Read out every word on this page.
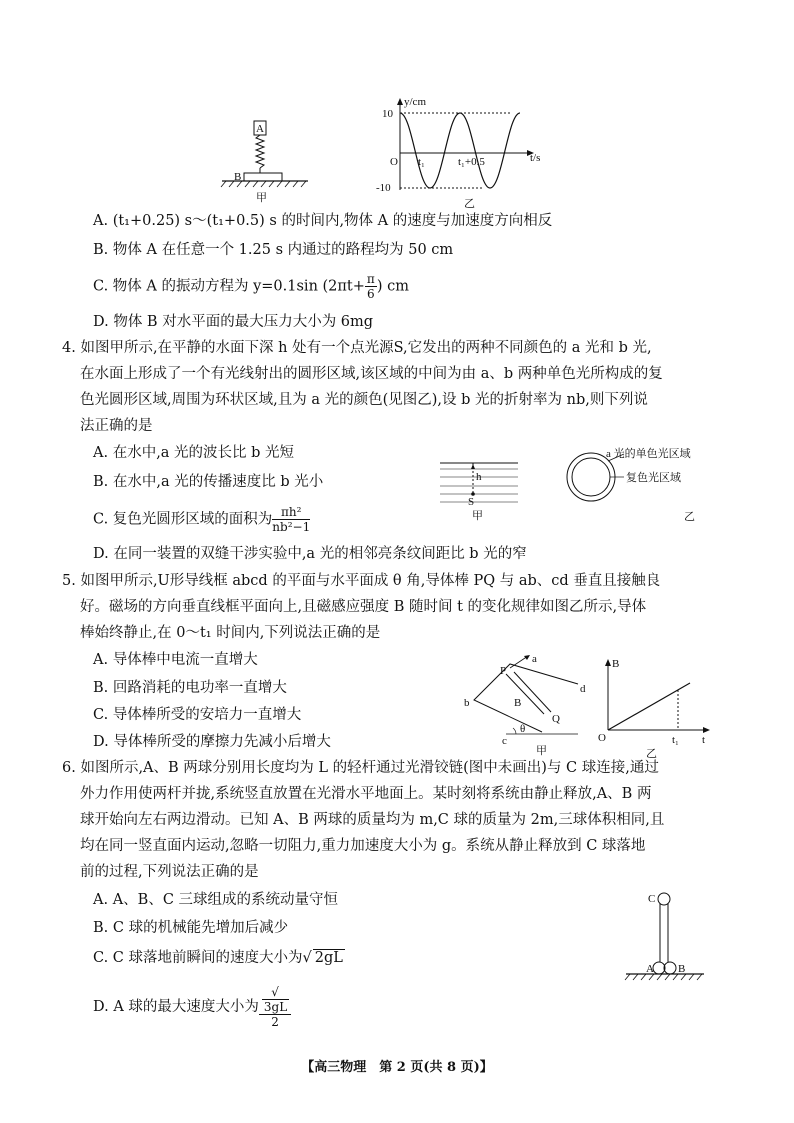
A
B
甲
y/cm
t/s
10
-10
O t₁	t₁+0.5
乙
A. (t₁+0.25) s～(t₁+0.5) s 的时间内,物体 A 的速度与加速度方向相反
B. 物体 A 在任意一个 1.25 s 内通过的路程均为 50 cm
C. 物体 A 的振动方程为 y=0.1sin ($2\pi t+ \frac{\pi}{6}$ ) cm
D. 物体 B 对水平面的最大压力大小为 6mg
4. 如图甲所示,在平静的水面下深 h 处有一个点光源S,它发出的两种不同颜色的 a 光和 b 光,
在水面上形成了一个有光线射出的圆形区域,该区域的中间为由 a、b 两种单色光所构成的复
色光圆形区域,周围为环状区域,且为 a 光的颜色(见图乙),设 b 光的折射率为 nb,则下列说
法正确的是
A. 在水中,a 光的波长比 b 光短
B. 在水中,a 光的传播速度比 b 光小
C. 复色光圆形区域的面积为 $\frac{\text{πh²}}{\text{nb²−1}}$
D. 在同一装置的双缝干涉实验中,a 光的相邻亮条纹间距比 b 光的窄
h
S
甲
a 光的单色光区域
复色光区域
乙
5. 如图甲所示,U形导线框 abcd 的平面与水平面成 θ 角,导体棒 PQ 与 ab、cd 垂直且接触良
好。磁场的方向垂直线框平面向上,且磁感应强度 B 随时间 t 的变化规律如图乙所示,导体
棒始终静止,在 0～t₁ 时间内,下列说法正确的是
A. 导体棒中电流一直增大
B. 回路消耗的电功率一直增大
C. 导体棒所受的安培力一直增大
D. 导体棒所受的摩擦力先减小后增大
a
b
c
d
P
Q
B
θ
甲
B
t
O	t₁
乙
6. 如图所示,A、B 两球分别用长度均为 L 的轻杆通过光滑铰链(图中未画出)与 C 球连接,通过
外力作用使两杆并拢,系统竖直放置在光滑水平地面上。某时刻将系统由静止释放,A、B 两
球开始向左右两边滑动。已知 A、B 两球的质量均为 m,C 球的质量为 2m,三球体积相同,且
均在同一竖直面内运动,忽略一切阻力,重力加速度大小为 g。系统从静止释放到 C 球落地
前的过程,下列说法正确的是
A. A、B、C 三球组成的系统动量守恒
B. C 球的机械能先增加后减少
C. C 球落地前瞬间的速度大小为√ 2gL
D. A 球的最大速度大小为 √
3gL
2
C
A B
【高三物理　第 2 页(共 8 页)】
